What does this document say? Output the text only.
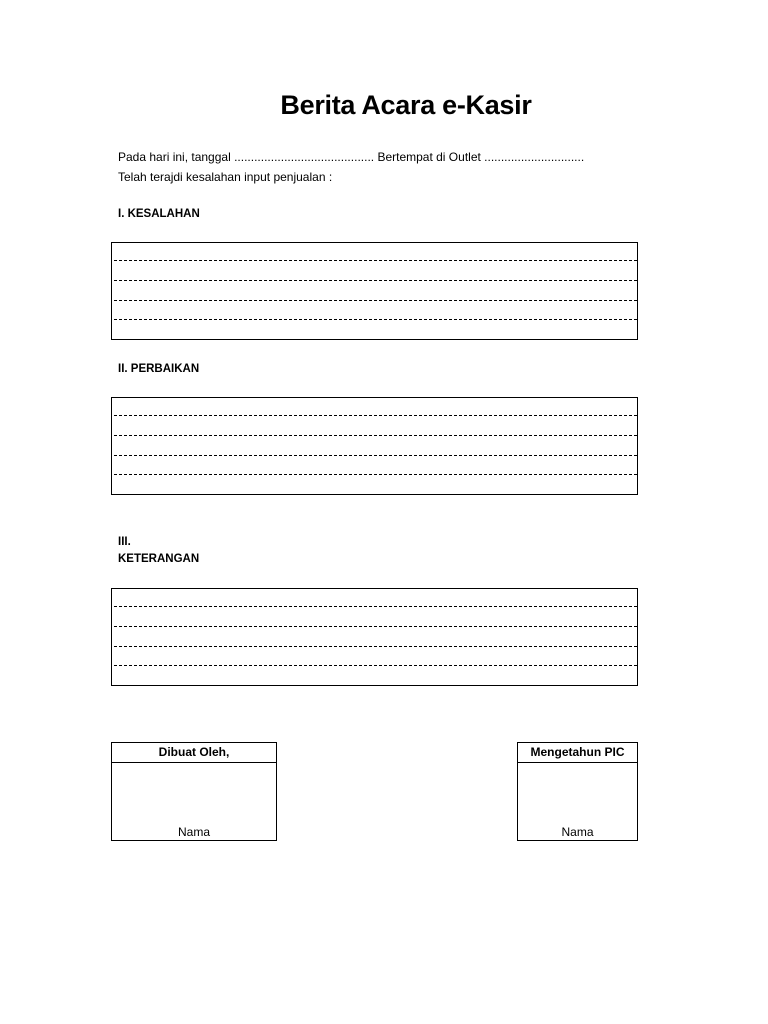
Berita Acara e-Kasir
Pada hari ini, tanggal .......................................... Bertempat di Outlet ..............................
Telah terajdi kesalahan input penjualan :
I. KESALAHAN
II. PERBAIKAN
III.
KETERANGAN
Dibuat Oleh,
Nama
Mengetahun PIC
Nama
